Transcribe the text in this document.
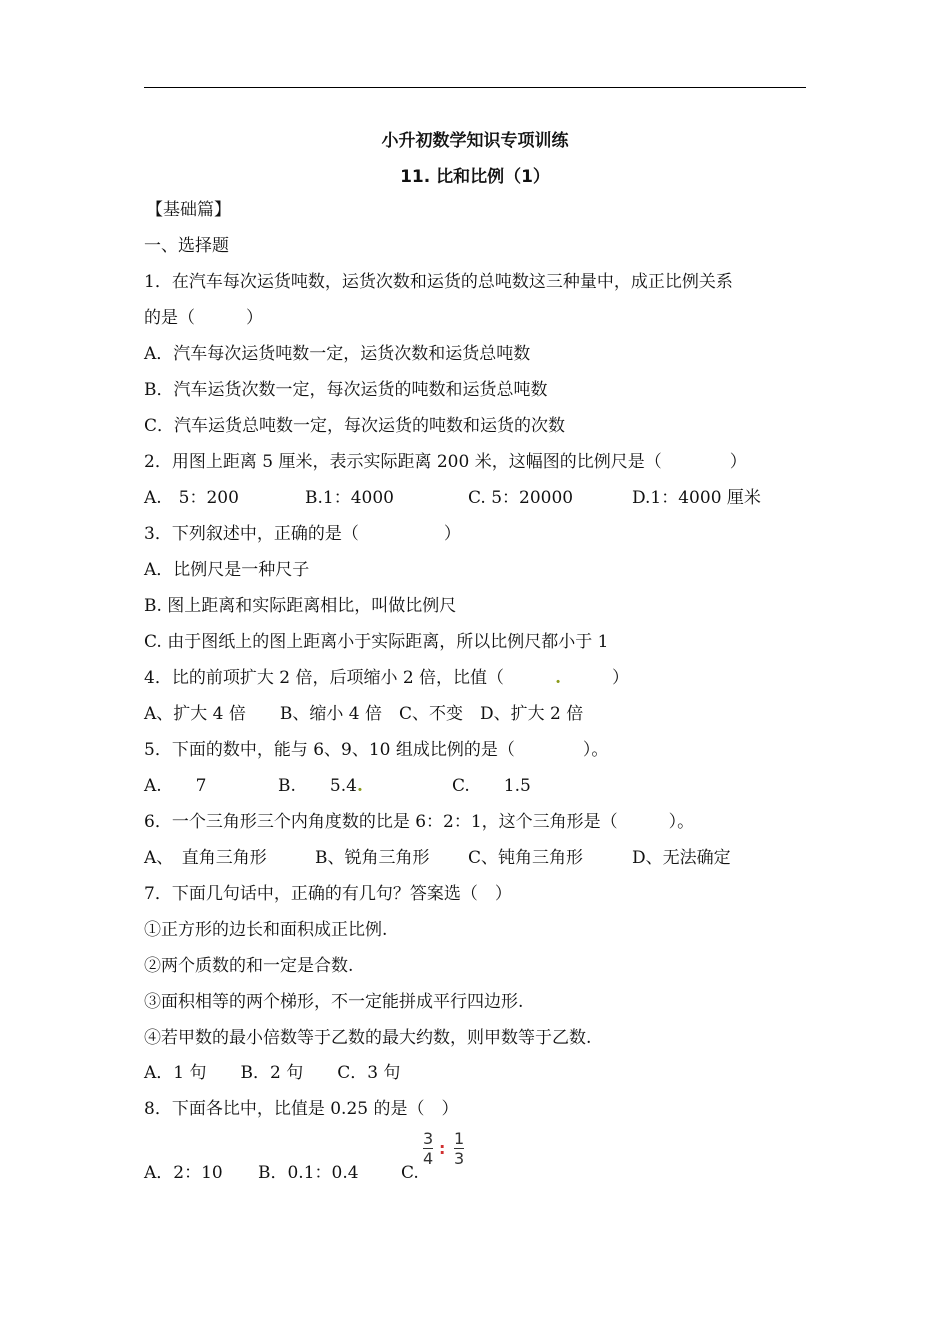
小升初数学知识专项训练
11. 比和比例（1）
【基础篇】
一、选择题
1．在汽车每次运货吨数，运货次数和运货的总吨数这三种量中，成正比例关系
的是（　　　）
A．汽车每次运货吨数一定，运货次数和运货总吨数
B．汽车运货次数一定，每次运货的吨数和运货总吨数
C．汽车运货总吨数一定，每次运货的吨数和运货的次数
2．用图上距离 5 厘米，表示实际距离 200 米，这幅图的比例尺是（　　　　）
A.　5：200	B.1：4000	C. 5：20000	D.1：4000 厘米
3．下列叙述中，正确的是（　　　　　）
A．比例尺是一种尺子
B. 图上距离和实际距离相比，叫做比例尺
C. 由于图纸上的图上距离小于实际距离，所以比例尺都小于 1
4．比的前项扩大 2 倍，后项缩小 2 倍，比值（　　　.　　　）
A、扩大 4 倍　　B、缩小 4 倍　C、不变　D、扩大 2 倍
5．下面的数中，能与 6、9、10 组成比例的是（　　　　）。
A.　　7	B.　　5.4.	C.　　1.5
6．一个三角形三个内角度数的比是 6：2：1，这个三角形是（　　　）。
A、　直角三角形	B、锐角三角形 C、钝角三角形	D、无法确定
7．下面几句话中，正确的有几句？答案选（　）
①正方形的边长和面积成正比例.
②两个质数的和一定是合数.
③面积相等的两个梯形，不一定能拼成平行四边形.
④若甲数的最小倍数等于乙数的最大约数，则甲数等于乙数.
A．1 句　　B．2 句　　C．3 句
8．下面各比中，比值是 0.25 的是（　）
A．2：10 B．0.1：0.4 C.
3
4
:
1
3
